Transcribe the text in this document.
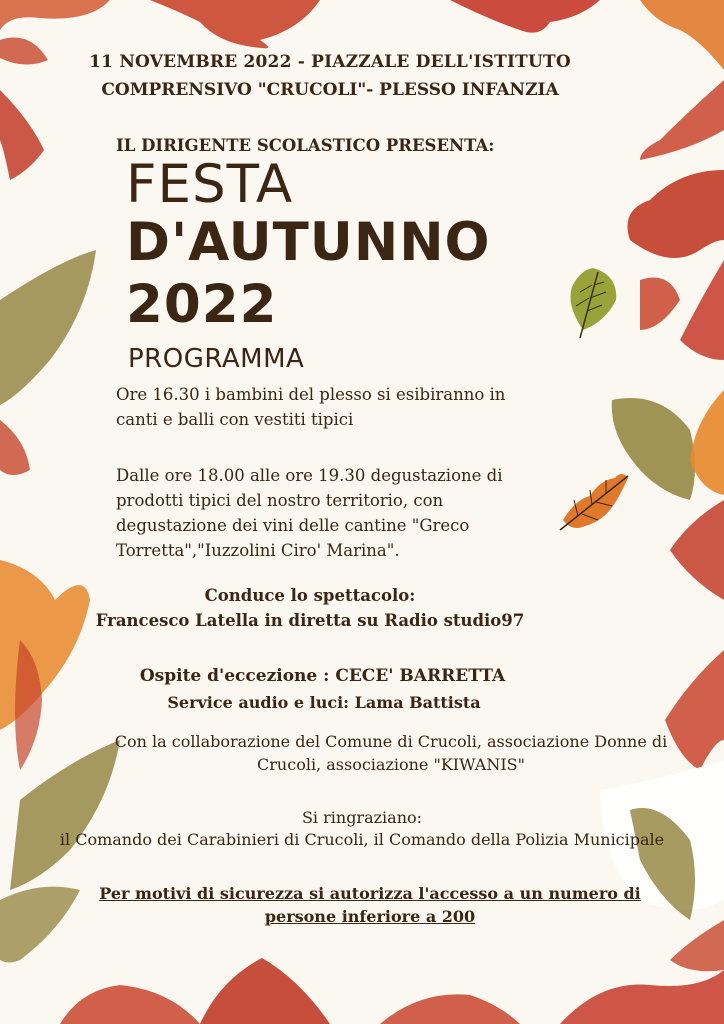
11 NOVEMBRE 2022 - PIAZZALE DELL'ISTITUTO

COMPRENSIVO "CRUCOLI"- PLESSO INFANZIA

IL DIRIGENTE SCOLASTICO PRESENTA:

FESTA
D'AUTUNNO
2022
PROGRAMMA

Ore 16.30 i bambini del plesso si esibiranno in canti e balli con vestiti tipici

Dalle ore 18.00 alle ore 19.30 degustazione di prodotti tipici del nostro territorio, con degustazione dei vini delle cantine "Greco Torretta","Iuzzolini Ciro' Marina".

Conduce lo spettacolo:

Francesco Latella in diretta su Radio studio97

Ospite d'eccezione : CECE' BARRETTA

Service audio e luci: Lama Battista

Con la collaborazione del Comune di Crucoli, associazione Donne di Crucoli, associazione "KIWANIS"

Si ringraziano:

il Comando dei Carabinieri di Crucoli, il Comando della Polizia Municipale

Per motivi di sicurezza si autorizza l'accesso a un numero di persone inferiore a 200
